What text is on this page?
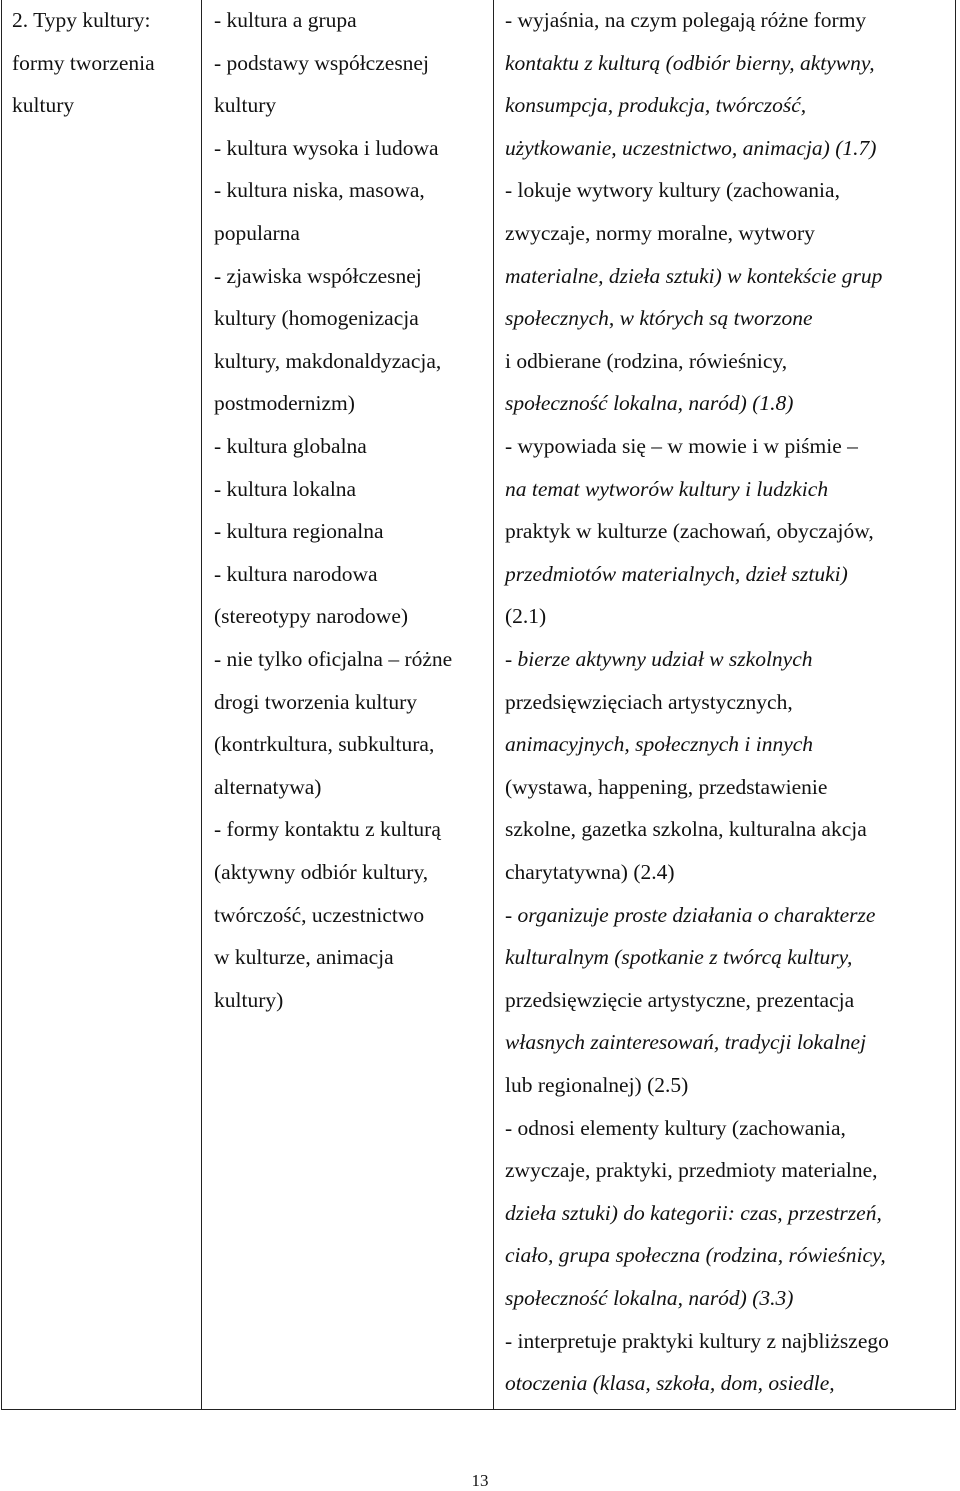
2. Typy kultury:
formy tworzenia
kultury
- kultura a grupa
- podstawy współczesnej
kultury
- kultura wysoka i ludowa
- kultura niska, masowa,
popularna
- zjawiska współczesnej
kultury (homogenizacja
kultury, makdonaldyzacja,
postmodernizm)
- kultura globalna
- kultura lokalna
- kultura regionalna
- kultura narodowa
(stereotypy narodowe)
- nie tylko oficjalna – różne
drogi tworzenia kultury
(kontrkultura, subkultura,
alternatywa)
- formy kontaktu z kulturą
(aktywny odbiór kultury,
twórczość, uczestnictwo
w kulturze, animacja
kultury)
- wyjaśnia, na czym polegają różne formy
kontaktu z kulturą (odbiór bierny, aktywny,
konsumpcja, produkcja, twórczość,
użytkowanie, uczestnictwo, animacja) (1.7)
- lokuje wytwory kultury (zachowania,
zwyczaje, normy moralne, wytwory
materialne, dzieła sztuki) w kontekście grup
społecznych, w których są tworzone
i odbierane (rodzina, rówieśnicy,
społeczność lokalna, naród) (1.8)
- wypowiada się – w mowie i w piśmie –
na temat wytworów kultury i ludzkich
praktyk w kulturze (zachowań, obyczajów,
przedmiotów materialnych, dzieł sztuki)
(2.1)
- bierze aktywny udział w szkolnych
przedsięwzięciach artystycznych,
animacyjnych, społecznych i innych
(wystawa, happening, przedstawienie
szkolne, gazetka szkolna, kulturalna akcja
charytatywna) (2.4)
- organizuje proste działania o charakterze
kulturalnym (spotkanie z twórcą kultury,
przedsięwzięcie artystyczne, prezentacja
własnych zainteresowań, tradycji lokalnej
lub regionalnej) (2.5)
- odnosi elementy kultury (zachowania,
zwyczaje, praktyki, przedmioty materialne,
dzieła sztuki) do kategorii: czas, przestrzeń,
ciało, grupa społeczna (rodzina, rówieśnicy,
społeczność lokalna, naród) (3.3)
- interpretuje praktyki kultury z najbliższego
otoczenia (klasa, szkoła, dom, osiedle,
13
